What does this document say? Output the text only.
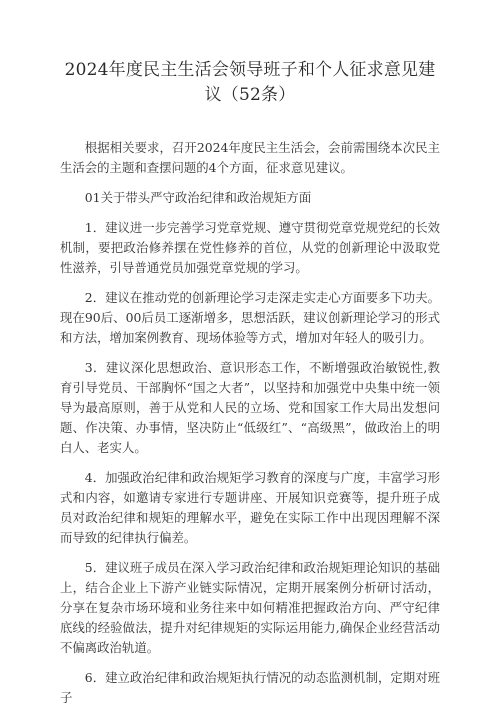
2024年度民主生活会领导班子和个人征求意见建议（52条）

根据相关要求，召开2024年度民主生活会，会前需围绕本次民主生活会的主题和查摆问题的4个方面，征求意见建议。

01关于带头严守政治纪律和政治规矩方面

1．建议进一步完善学习党章党规、遵守贯彻党章党规党纪的长效机制，要把政治修养摆在党性修养的首位，从党的创新理论中汲取党性滋养，引导普通党员加强党章党规的学习。

2．建议在推动党的创新理论学习走深走实走心方面要多下功夫。现在90后、00后员工逐渐增多，思想活跃，建议创新理论学习的形式和方法，增加案例教育、现场体验等方式，增加对年轻人的吸引力。

3．建议深化思想政治、意识形态工作，不断增强政治敏锐性,教育引导党员、干部胸怀“国之大者”，以坚持和加强党中央集中统一领导为最高原则，善于从党和人民的立场、党和国家工作大局出发想问题、作决策、办事情，坚决防止“低级红”、“高级黑”，做政治上的明白人、老实人。

4．加强政治纪律和政治规矩学习教育的深度与广度，丰富学习形式和内容，如邀请专家进行专题讲座、开展知识竞赛等，提升班子成员对政治纪律和规矩的理解水平，避免在实际工作中出现因理解不深而导致的纪律执行偏差。

5．建议班子成员在深入学习政治纪律和政治规矩理论知识的基础上，结合企业上下游产业链实际情况，定期开展案例分析研讨活动，分享在复杂市场环境和业务往来中如何精准把握政治方向、严守纪律底线的经验做法，提升对纪律规矩的实际运用能力,确保企业经营活动不偏离政治轨道。

6．建立政治纪律和政治规矩执行情况的动态监测机制，定期对班子
